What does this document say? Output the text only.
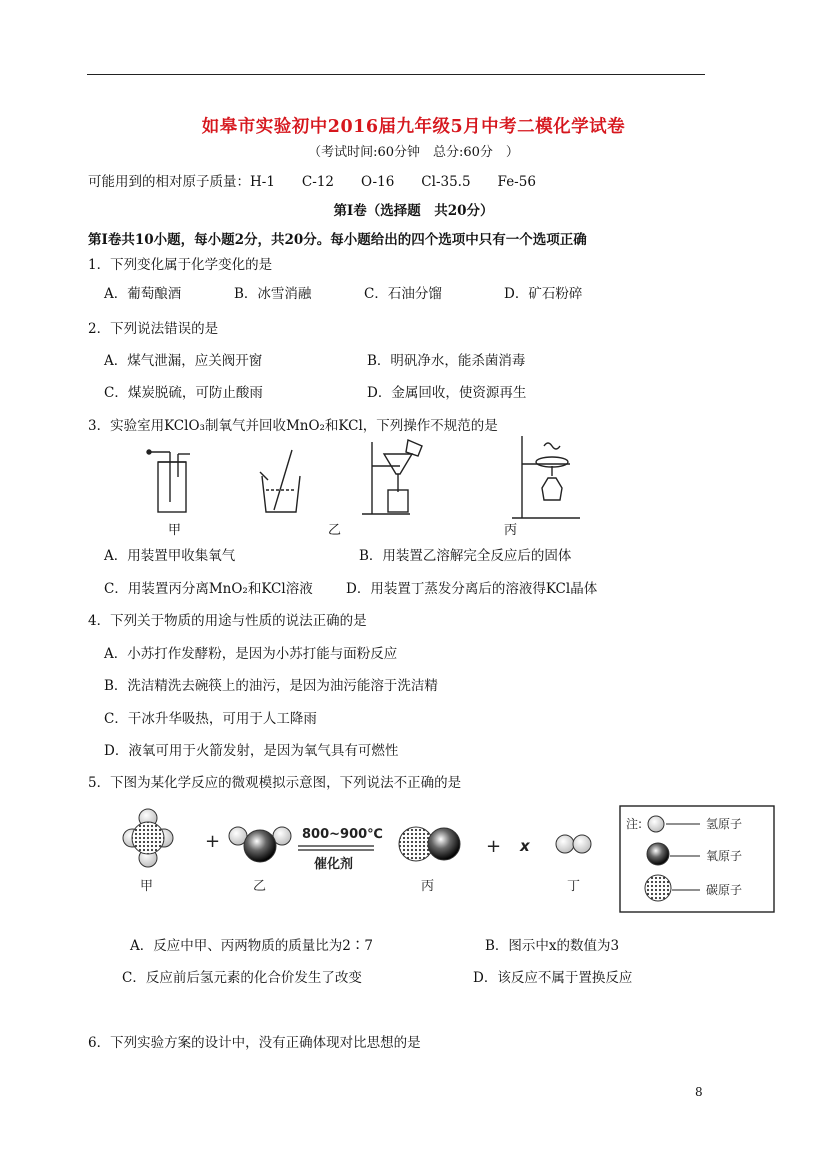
如皋市实验初中2016届九年级5月中考二模化学试卷
（考试时间:60分钟　总分:60分　）
可能用到的相对原子质量：H-1　　C-12　　O-16　　Cl-35.5　　Fe-56
第Ⅰ卷（选择题　共20分）
第Ⅰ卷共10小题，每小题2分，共20分。每小题给出的四个选项中只有一个选项正确
1．下列变化属于化学变化的是
A．葡萄酿酒	B．冰雪消融	C．石油分馏	D．矿石粉碎
2．下列说法错误的是
A．煤气泄漏，应关阀开窗	B．明矾净水，能杀菌消毒
C．煤炭脱硫，可防止酸雨	D．金属回收，使资源再生
3．实验室用KClO₃制氧气并回收MnO₂和KCl，下列操作不规范的是
甲	乙	丙
A．用装置甲收集氧气	B．用装置乙溶解完全反应后的固体
C．用装置丙分离MnO₂和KCl溶液 D．用装置丁蒸发分离后的溶液得KCl晶体
4．下列关于物质的用途与性质的说法正确的是
A．小苏打作发酵粉，是因为小苏打能与面粉反应
B．洗洁精洗去碗筷上的油污，是因为油污能溶于洗洁精
C．干冰升华吸热，可用于人工降雨
D．液氧可用于火箭发射，是因为氧气具有可燃性
5．下图为某化学反应的微观模拟示意图，下列说法不正确的是
+	800~900℃
催化剂
+ x
甲	乙	丙	丁
注:	氢原子
氧原子
碳原子
A．反应中甲、丙两物质的质量比为2∶7	B．图示中x的数值为3
C．反应前后氢元素的化合价发生了改变	D．该反应不属于置换反应
6．下列实验方案的设计中，没有正确体现对比思想的是
8
